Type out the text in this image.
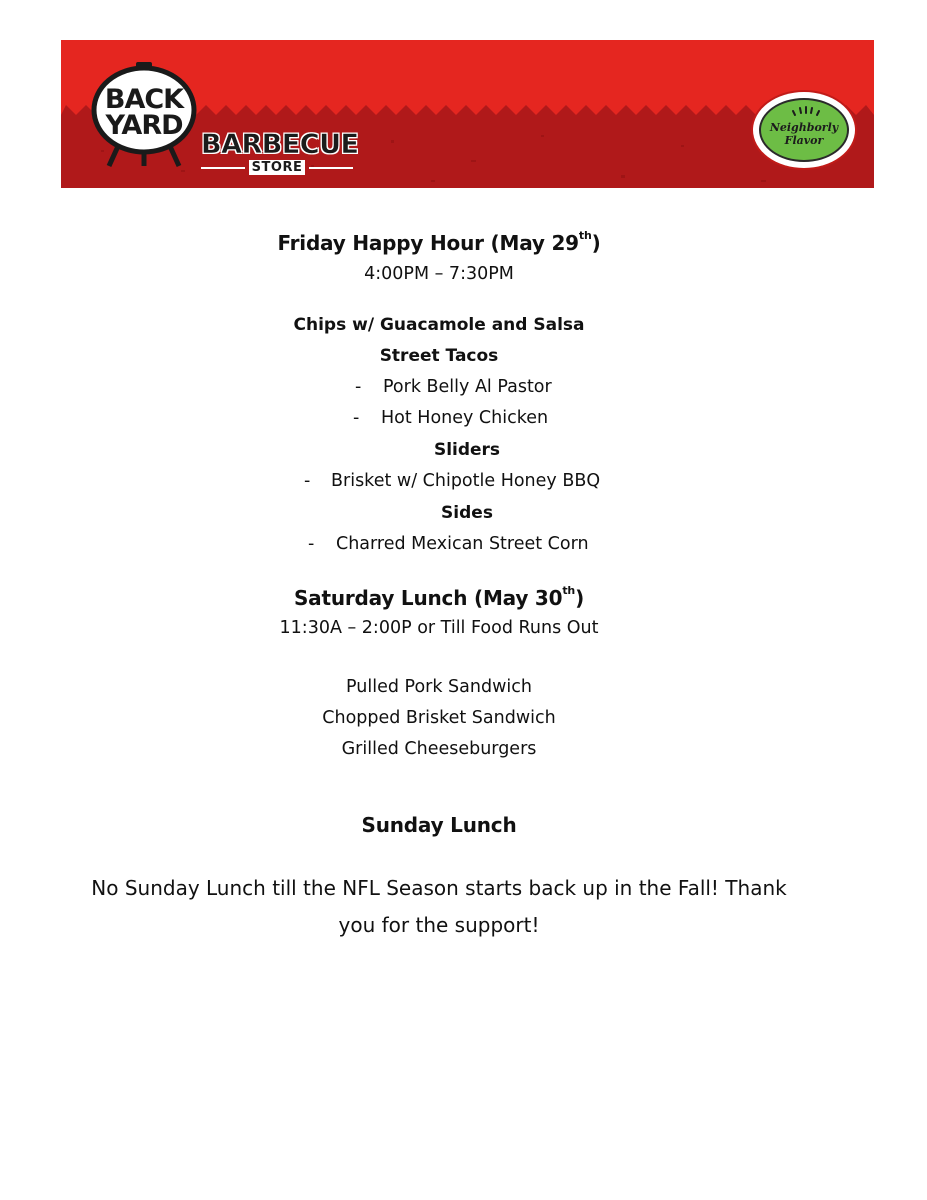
BACK
YARD
BARBECUE
STORE
Neighborly
Flavor
Friday Happy Hour (May 29th)
4:00PM – 7:30PM
Chips w/ Guacamole and Salsa
Street Tacos
- Pork Belly Al Pastor
- Hot Honey Chicken
Sliders
- Brisket w/ Chipotle Honey BBQ
Sides
- Charred Mexican Street Corn
Saturday Lunch (May 30th)
11:30A – 2:00P or Till Food Runs Out
Pulled Pork Sandwich
Chopped Brisket Sandwich
Grilled Cheeseburgers
Sunday Lunch
No Sunday Lunch till the NFL Season starts back up in the Fall! Thank
you for the support!
